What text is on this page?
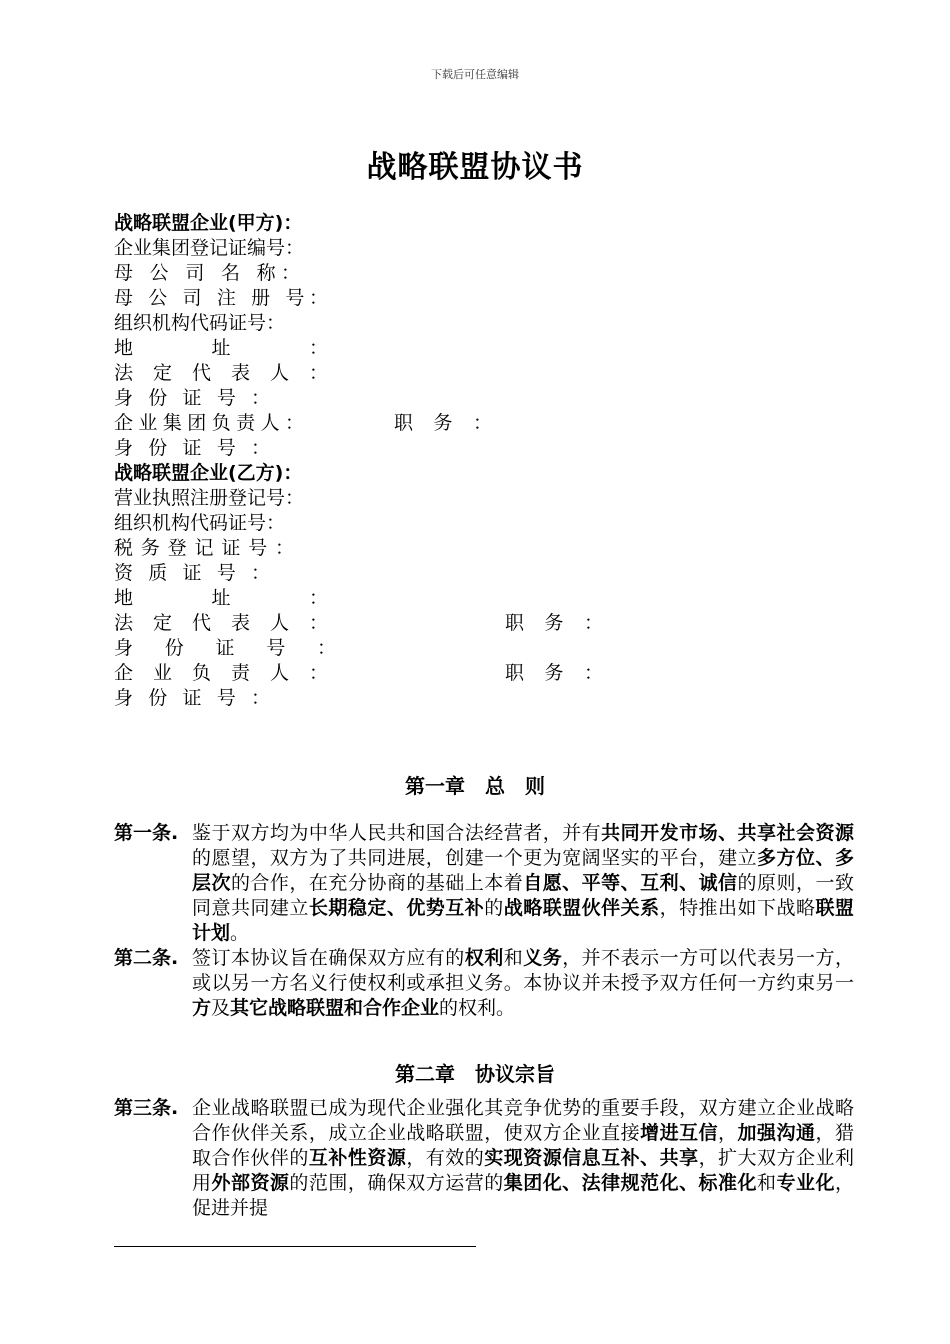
下载后可任意编辑
战略联盟协议书
战略联盟企业(甲方)：
企业集团登记证编号：
母 公 司 名 称：
母 公 司 注 册 号：
组织机构代码证号：
地址：
法定代表人：
身份证号：
企业集团负责人：	职务：
身份证号：
战略联盟企业(乙方)：
营业执照注册登记号：
组织机构代码证号：
税务登记证号：
资质证号：
地址：
法定代表人：	职务：
身份证号：
企业负责人：	职务：
身份证号：
第一章　总　则
第一条. 鉴于双方均为中华人民共和国合法经营者，并有共同开发市场、共享社会资源的愿望，双方为了共同进展，创建一个更为宽阔坚实的平台，建立多方位、多层次的合作，在充分协商的基础上本着自愿、平等、互利、诚信的原则，一致同意共同建立长期稳定、优势互补的战略联盟伙伴关系，特推出如下战略联盟计划。
第二条. 签订本协议旨在确保双方应有的权利和义务，并不表示一方可以代表另一方，或以另一方名义行使权利或承担义务。本协议并未授予双方任何一方约束另一方及其它战略联盟和合作企业的权利。
第二章　协议宗旨
第三条. 企业战略联盟已成为现代企业强化其竞争优势的重要手段，双方建立企业战略合作伙伴关系，成立企业战略联盟，使双方企业直接增进互信，加强沟通，猎取合作伙伴的互补性资源，有效的实现资源信息互补、共享，扩大双方企业利用外部资源的范围，确保双方运营的集团化、法律规范化、标准化和专业化，促进并提
